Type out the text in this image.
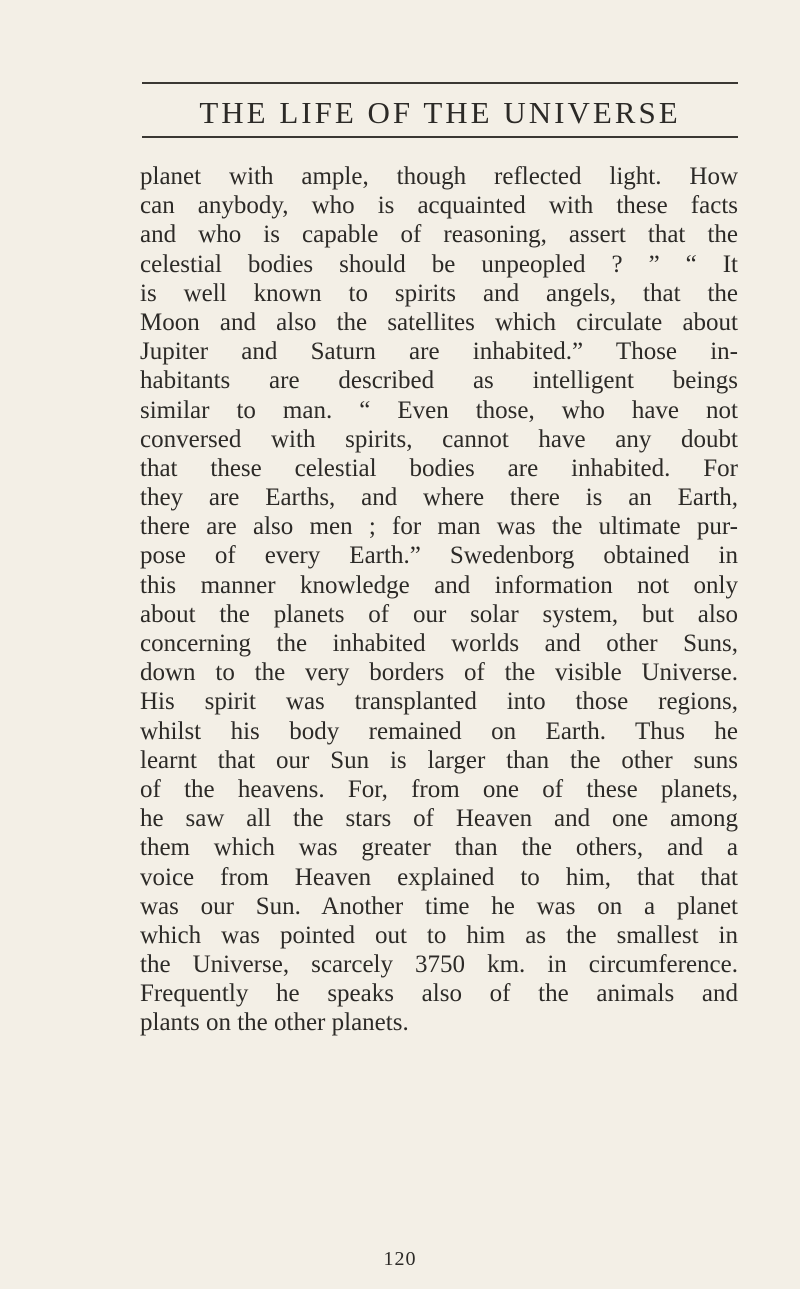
THE LIFE OF THE UNIVERSE
planet with ample, though reflected light. How
can anybody, who is acquainted with these facts
and who is capable of reasoning, assert that the
celestial bodies should be unpeopled ? ” “ It
is well known to spirits and angels, that the
Moon and also the satellites which circulate about
Jupiter and Saturn are inhabited.” Those in-
habitants are described as intelligent beings
similar to man. “ Even those, who have not
conversed with spirits, cannot have any doubt
that these celestial bodies are inhabited. For
they are Earths, and where there is an Earth,
there are also men ; for man was the ultimate pur-
pose of every Earth.” Swedenborg obtained in
this manner knowledge and information not only
about the planets of our solar system, but also
concerning the inhabited worlds and other Suns,
down to the very borders of the visible Universe.
His spirit was transplanted into those regions,
whilst his body remained on Earth. Thus he
learnt that our Sun is larger than the other suns
of the heavens. For, from one of these planets,
he saw all the stars of Heaven and one among
them which was greater than the others, and a
voice from Heaven explained to him, that that
was our Sun. Another time he was on a planet
which was pointed out to him as the smallest in
the Universe, scarcely 3750 km. in circumference.
Frequently he speaks also of the animals and
plants on the other planets.
120
